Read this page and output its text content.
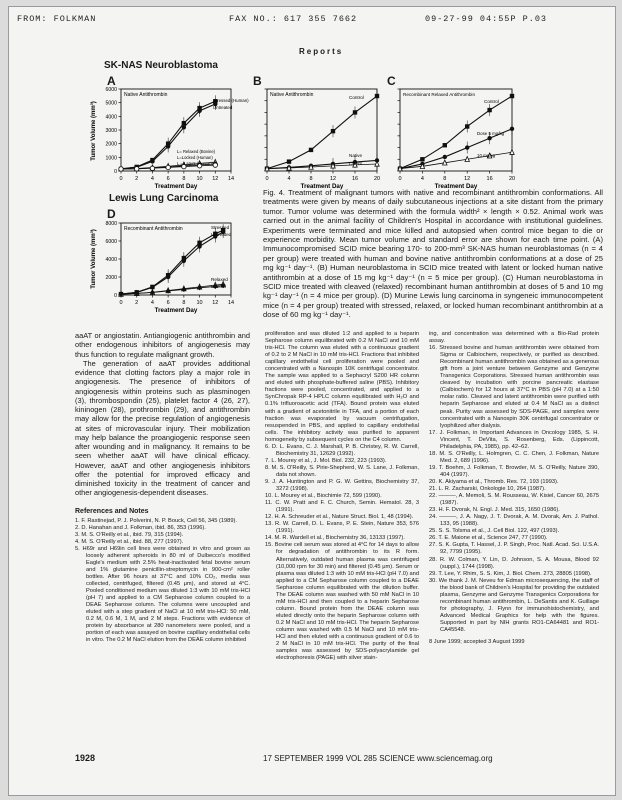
FROM: FOLKMAN	FAX NO.: 617 355 7662	09-27-99 04:55P P.03
Reports
SK-NAS Neuroblastoma
Lewis Lung Carcinoma
A	B	C
D
0 2 4 6 8 10 12 14
0
1000
2000
3000
4000
5000
6000
Treatment Day
Tumor Volume (mm³)
Native Antithrombin
Stressed (Human)
Untreated
L= Relaxed (Bovine)
L=Locked (Human)
L = Latent (Human)
0	4	8	12	16	20
Treatment Day
Native Antithrombin	Control
Native
Latent
0	4	8	12	16	20
Treatment Day
Recombinant Relaxed Antithrombin
Control
Dose 5 mg/kg
10 mg/kg
0 2 4 6 8 10 12 14
0
2000
4000
6000
8000
Treatment Day
Tumor Volume (mm³)
Recombinant Antithrombin	Stressed
Untreated
Relaxed
Locked
Fig. 4. Treatment of malignant tumors with native and recombinant antithrombin conformations. All treatments were given by means of daily subcutaneous injections at a site distant from the primary tumor. Tumor volume was determined with the formula width² × length × 0.52. Animal work was carried out in the animal facility of Children's Hospital in accordance with institutional guidelines. Experiments were terminated and mice killed and autopsied when control mice began to die or experience morbidity. Mean tumor volume and standard error are shown for each time point. (A) Immunocompromised SCID mice bearing 170- to 200-mm³ SK-NAS human neuroblastomas (n = 4 per group) were treated with human and bovine native antithrombin conformations at a dose of 25 mg kg⁻¹ day⁻¹. (B) Human neuroblastoma in SCID mice treated with latent or locked human native antithrombin at a dose of 15 mg kg⁻¹ day⁻¹ (n = 5 mice per group). (C) Human neuroblastoma in SCID mice treated with cleaved (relaxed) recombinant human antithrombin at doses of 5 and 10 mg kg⁻¹ day⁻¹ (n = 4 mice per group). (D) Murine Lewis lung carcinoma in syngeneic immunocompetent mice (n = 4 per group) treated with stressed, relaxed, or locked human recombinant antithrombin at a dose of 60 mg kg⁻¹ day⁻¹.

aaAT or angiostatin. Antiangiogenic antithrombin and other endogenous inhibitors of angiogenesis may thus function to regulate malignant growth.

The generation of aaAT provides additional evidence that clotting factors play a major role in angiogenesis. The presence of inhibitors of angiogenesis within proteins such as plasminogen (3), thrombospondin (25), platelet factor 4 (26, 27), kininogen (28), prothrombin (29), and antithrombin may allow for the precise regulation of angiogenesis at sites of microvascular injury. Their mobilization may help balance the proangiogenic response seen after wounding and in malignancy. It remains to be seen whether aaAT will have clinical efficacy. However, aaAT and other angiogenesis inhibitors offer the potential for improved efficacy and diminished toxicity in the treatment of cancer and other angiogenesis-dependent diseases.

References and Notes

1. F. Rastinejad, P. J. Polverini, N. P. Bouck, Cell 56, 345 (1989).

2. D. Hanahan and J. Folkman, ibid. 86, 353 (1996).

3. M. S. O'Reilly et al., ibid. 79, 315 (1994).

4. M. S. O'Reilly et al., ibid. 88, 277 (1997).

5. H69r and H69in cell lines were obtained in vitro and grown as loosely adherent spheroids in 80 ml of Dulbecco's modified Eagle's medium with 2.5% heat-inactivated fetal bovine serum and 1% glutamine penicillin-streptomycin in 900-cm² roller bottles. After 96 hours at 37°C and 10% CO₂, media was collected, centrifuged, filtered (0.45 μm), and stored at 4°C. Pooled conditioned medium was diluted 1:3 with 10 mM tris-HCl (pH 7) and applied to a CM Sepharose column coupled to a DEAE Sepharose column. The columns were uncoupled and eluted with a step gradient of NaCl at 10 mM tris-HCl: 50 mM, 0.2 M, 0.6 M, 1 M, and 2 M steps. Fractions with evidence of protein by absorbance at 280 nanometers were pooled, and a portion of each was assayed on bovine capillary endothelial cells in vitro. The 0.2 M NaCl elution from the DEAE column inhibited

proliferation and was diluted 1:2 and applied to a heparin Sepharose column equilibrated with 0.2 M NaCl and 10 mM tris-HCl. The column was eluted with a continuous gradient of 0.2 to 2 M NaCl in 10 mM tris-HCl. Fractions that inhibited capillary endothelial cell proliferation were pooled and concentrated with a Nanospin 10K centrifugal concentrator. The sample was applied to a Sephacryl S200 HR column and eluted with phosphate-buffered saline (PBS). Inhibitory fractions were pooled, concentrated, and applied to a SynChropak RP-4 HPLC column equilibrated with H₂O and 0.1% trifluoroacetic acid (TFA). Bound protein was eluted with a gradient of acetonitrile in TFA, and a portion of each fraction was evaporated by vacuum centrifugation, resuspended in PBS, and applied to capillary endothelial cells. The inhibitory activity was purified to apparent homogeneity by subsequent cycles on the C4 column.

6. D. L. Evans, C. J. Marshall, P. B. Christey, R. W. Carrell, Biochemistry 31, 12629 (1992).

7. L. Mourey et al., J. Mol. Biol. 232, 223 (1993).

8. M. S. O'Reilly, S. Pirie-Shepherd, W. S. Lane, J. Folkman, data not shown.

9. J. A. Huntington and P. G. W. Gettins, Biochemistry 37, 3272 (1998).

10. L. Mourey et al., Biochimie 72, 599 (1990).

11. C. W. Pratt and F. C. Church, Semin. Hematol. 28, 3 (1991).

12. H. A. Schreuder et al., Nature Struct. Biol. 1, 48 (1994).

13. R. W. Carrell, D. L. Evans, P. E. Stein, Nature 353, 576 (1991).

14. M. R. Wardell et al., Biochemistry 36, 13133 (1997).

15. Bovine cell serum was stored at 4°C for 14 days to allow for degradation of antithrombin to its R form. Alternatively, outdated human plasma was centrifuged (10,000 rpm for 30 min) and filtered (0.45 μm). Serum or plasma was diluted 1:3 with 10 mM tris-HCl (pH 7.0) and applied to a CM Sepharose column coupled to a DEAE Sepharose column equilibrated with the dilution buffer. The DEAE column was washed with 50 mM NaCl in 10 mM tris-HCl and then coupled to a heparin Sepharose column. Bound protein from the DEAE column was eluted directly onto the heparin Sepharose column with 0.2 M NaCl and 10 mM tris-HCl. The heparin Sepharose column was washed with 0.5 M NaCl and 10 mM tris-HCl and then eluted with a continuous gradient of 0.6 to 2 M NaCl in 10 mM tris-HCl. The purity of the final samples was assessed by SDS-polyacrylamide gel electrophoresis (PAGE) with silver stain-

ing, and concentration was determined with a Bio-Rad protein assay.

16. Stressed bovine and human antithrombin were obtained from Sigma or Calbiochem, respectively, or purified as described. Recombinant human antithrombin was obtained as a generous gift from a joint venture between Genzyme and Genzyme Transgenics Corporations. Stressed human antithrombin was cleaved by incubation with porcine pancreatic elastase (Calbiochem) for 12 hours at 37°C in PBS (pH 7.0) at a 1:50 molar ratio. Cleaved and latent antithrombin were purified with heparin Sepharose and eluted at 0.4 M NaCl as a distinct peak. Purity was assessed by SDS-PAGE, and samples were concentrated with a Nanospin 30K centrifugal concentrator or lyophilized after dialysis.

17. J. Folkman, in Important Advances in Oncology 1985, S. H. Vincent, T. DeVita, S. Rosenberg, Eds. (Lippincott, Philadelphia, PA, 1985), pp. 42–62.

18. M. S. O'Reilly, L. Holmgren, C. C. Chen, J. Folkman, Nature Med. 2, 689 (1996).

19. T. Boehm, J. Folkman, T. Browder, M. S. O'Reilly, Nature 390, 404 (1997).

20. K. Akiyama et al., Thromb. Res. 72, 193 (1993).

21. L. R. Zacharski, Onkologie 10, 264 (1987).

22. ———, A. Memoli, S. M. Rousseau, W. Kisiel, Cancer 60, 2675 (1987).

23. H. F. Dvorak, N. Engl. J. Med. 315, 1650 (1986).

24. ———, J. A. Nagy, J. T. Dvorak, A. M. Dvorak, Am. J. Pathol. 133, 95 (1988).

25. S. S. Tolsma et al., J. Cell Biol. 122, 497 (1993).

26. T. E. Maione et al., Science 247, 77 (1990).

27. S. K. Gupta, T. Hassel, J. P. Singh, Proc. Natl. Acad. Sci. U.S.A. 92, 7799 (1995).

28. R. W. Colman, Y. Lin, D. Johnson, S. A. Mousa, Blood 92 (suppl.), 1744 (1998).

29. T. Lee, Y. Rhim, S. S. Kim, J. Biol. Chem. 273, 28805 (1998).

30. We thank J. M. Neveu for Edman microsequencing, the staff of the blood bank of Children's Hospital for providing the outdated plasma, Genzyme and Genzyme Transgenics Corporations for recombinant human antithrombin, L. DeSantis and K. Guillage for photography, J. Flynn for immunohistochemistry, and Advanced Medical Graphics for help with the figures. Supported in part by NIH grants RO1-CA64481 and RO1-CA45548.

8 June 1999; accepted 3 August 1999

1928	17 SEPTEMBER 1999 VOL 285 SCIENCE www.sciencemag.org
